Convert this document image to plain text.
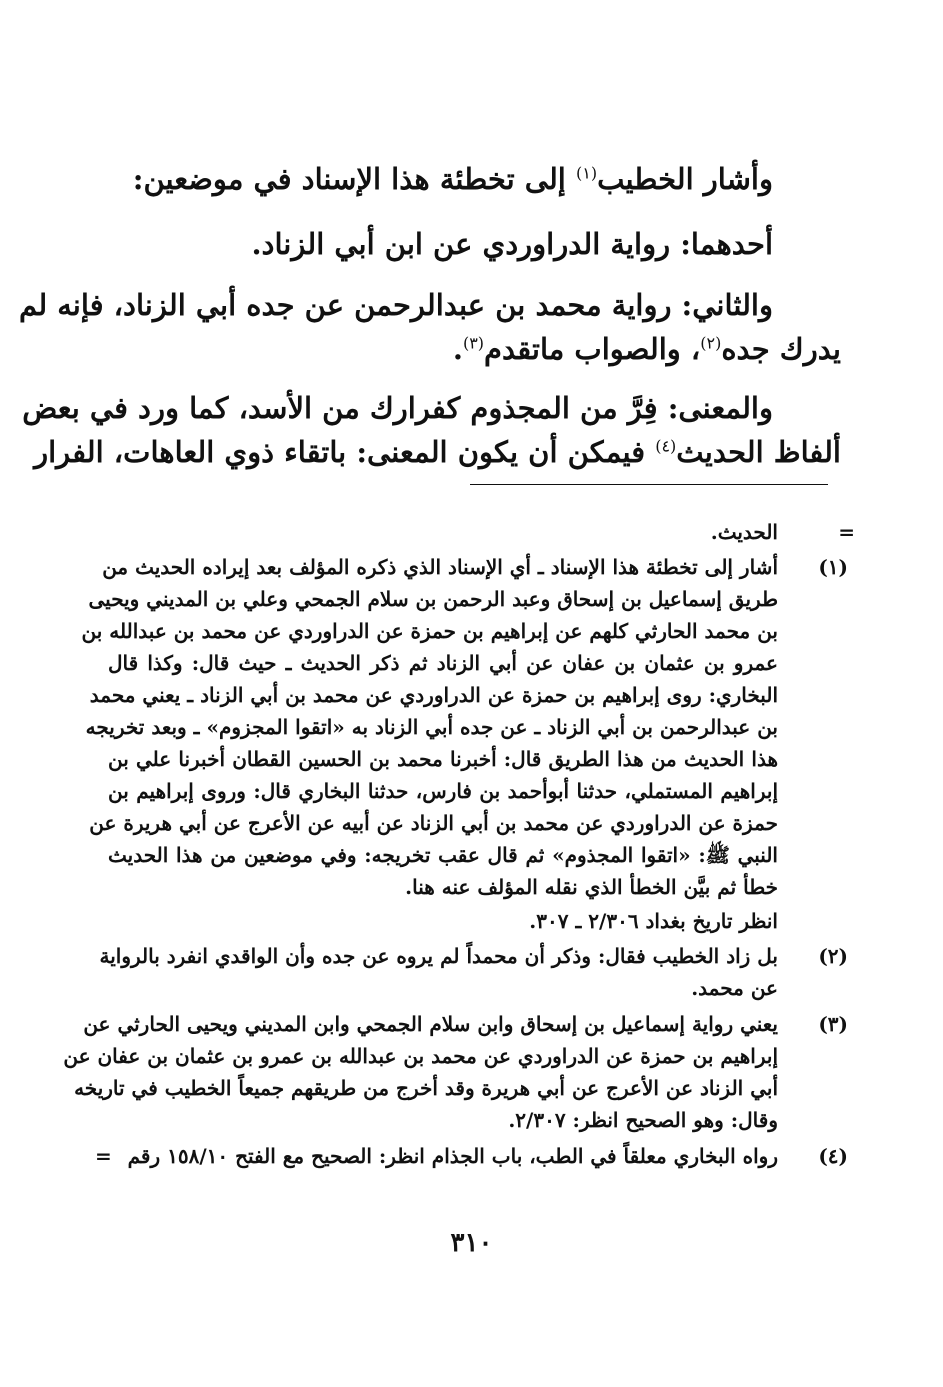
وأشار الخطيب$^{(١)}$ إلى تخطئة هذا الإسناد في موضعين:
أحدهما: رواية الدراوردي عن ابن أبي الزناد.
والثاني: رواية محمد بن عبدالرحمن عن جده أبي الزناد، فإنه لم
يدرك جده$^{(٢)}$، والصواب ماتقدم$^{(٣)}$.
والمعنى: فِرَّ من المجذوم كفرارك من الأسد، كما ورد في بعض
ألفاظ الحديث$^{(٤)}$ فيمكن أن يكون المعنى: باتقاء ذوي العاهات، الفرار
=
الحديث.
(١)
أشار إلى تخطئة هذا الإسناد ـ أي الإسناد الذي ذكره المؤلف بعد إيراده الحديث من
طريق إسماعيل بن إسحاق وعبد الرحمن بن سلام الجمحي وعلي بن المديني ويحيى
بن محمد الحارثي كلهم عن إبراهيم بن حمزة عن الدراوردي عن محمد بن عبدالله بن
عمرو بن عثمان بن عفان عن أبي الزناد ثم ذكر الحديث ـ حيث قال: وكذا قال
البخاري: روى إبراهيم بن حمزة عن الدراوردي عن محمد بن أبي الزناد ـ يعني محمد
بن عبدالرحمن بن أبي الزناد ـ عن جده أبي الزناد به «اتقوا المجزوم» ـ وبعد تخريجه
هذا الحديث من هذا الطريق قال: أخبرنا محمد بن الحسين القطان أخبرنا علي بن
إبراهيم المستملي، حدثنا أبوأحمد بن فارس، حدثنا البخاري قال: وروى إبراهيم بن
حمزة عن الدراوردي عن محمد بن أبي الزناد عن أبيه عن الأعرج عن أبي هريرة عن
النبي ﷺ: «اتقوا المجذوم» ثم قال عقب تخريجه: وفي موضعين من هذا الحديث
خطأ ثم بيَّن الخطأ الذي نقله المؤلف عنه هنا.
انظر تاريخ بغداد ٢/٣٠٦ ـ ٣٠٧.
(٢)
بل زاد الخطيب فقال: وذكر أن محمداً لم يروه عن جده وأن الواقدي انفرد بالرواية
عن محمد.
(٣)
يعني رواية إسماعيل بن إسحاق وابن سلام الجمحي وابن المديني ويحيى الحارثي عن
إبراهيم بن حمزة عن الدراوردي عن محمد بن عبدالله بن عمرو بن عثمان بن عفان عن
أبي الزناد عن الأعرج عن أبي هريرة وقد أخرج من طريقهم جميعاً الخطيب في تاريخه
وقال: وهو الصحيح انظر: ٢/٣٠٧.
(٤)
رواه البخاري معلقاً في الطب، باب الجذام انظر: الصحيح مع الفتح ١٥٨/١٠ رقم
=
٣١٠
